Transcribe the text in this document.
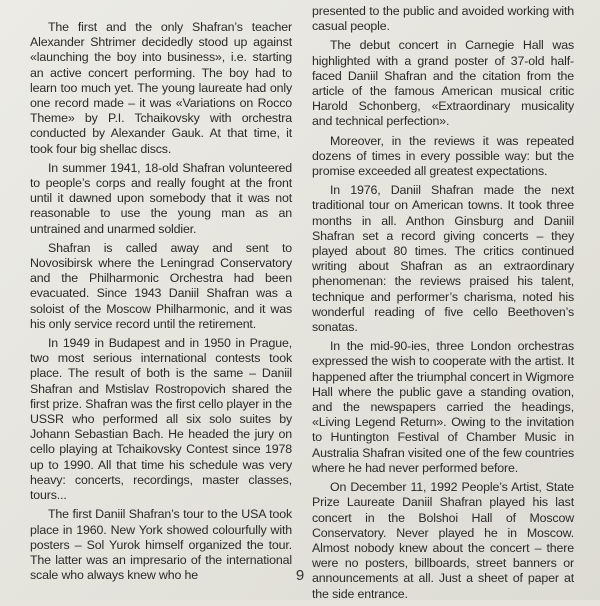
The first and the only Shafran’s teacher Alexander Shtrimer decidedly stood up against «launching the boy into business», i.e. starting an active concert performing. The boy had to learn too much yet. The young laureate had only one record made – it was «Variations on Rocco Theme» by P.I. Tchaikovsky with orchestra conducted by Alexander Gauk. At that time, it took four big shellac discs.

In summer 1941, 18-old Shafran volunteered to people’s corps and really fought at the front until it dawned upon somebody that it was not reasonable to use the young man as an untrained and unarmed soldier.

Shafran is called away and sent to Novosibirsk where the Leningrad Conservatory and the Philharmonic Orchestra had been evacuated. Since 1943 Daniil Shafran was a soloist of the Moscow Philharmonic, and it was his only service record until the retirement.

In 1949 in Budapest and in 1950 in Prague, two most serious international contests took place. The result of both is the same – Daniil Shafran and Mstislav Rostropovich shared the first prize. Shafran was the first cello player in the USSR who performed all six solo suites by Johann Sebastian Bach. He headed the jury on cello playing at Tchaikovsky Contest since 1978 up to 1990. All that time his schedule was very heavy: concerts, recordings, master classes, tours...

The first Daniil Shafran’s tour to the USA took place in 1960. New York showed colourfully with posters – Sol Yurok himself organized the tour. The latter was an impresario of the international scale who always knew who he

presented to the public and avoided working with casual people.

The debut concert in Carnegie Hall was highlighted with a grand poster of 37-old half-faced Daniil Shafran and the citation from the article of the famous American musical critic Harold Schonberg, «Extraordinary musicality and technical perfection».

Moreover, in the reviews it was repeated dozens of times in every possible way: but the promise exceeded all greatest expectations.

In 1976, Daniil Shafran made the next traditional tour on American towns. It took three months in all. Anthon Ginsburg and Daniil Shafran set a record giving concerts – they played about 80 times. The critics continued writing about Shafran as an extraordinary phenomenan: the reviews praised his talent, technique and performer’s charisma, noted his wonderful reading of five cello Beethoven’s sonatas.

In the mid-90-ies, three London orchestras expressed the wish to cooperate with the artist. It happened after the triumphal concert in Wigmore Hall where the public gave a standing ovation, and the newspapers carried the headings, «Living Legend Return». Owing to the invitation to Huntington Festival of Chamber Music in Australia Shafran visited one of the few countries where he had never performed before.

On December 11, 1992 People’s Artist, State Prize Laureate Daniil Shafran played his last concert in the Bolshoi Hall of Moscow Conservatory. Never played he in Moscow. Almost nobody knew about the concert – there were no posters, billboards, street banners or announcements at all. Just a sheet of paper at the side entrance.

9
